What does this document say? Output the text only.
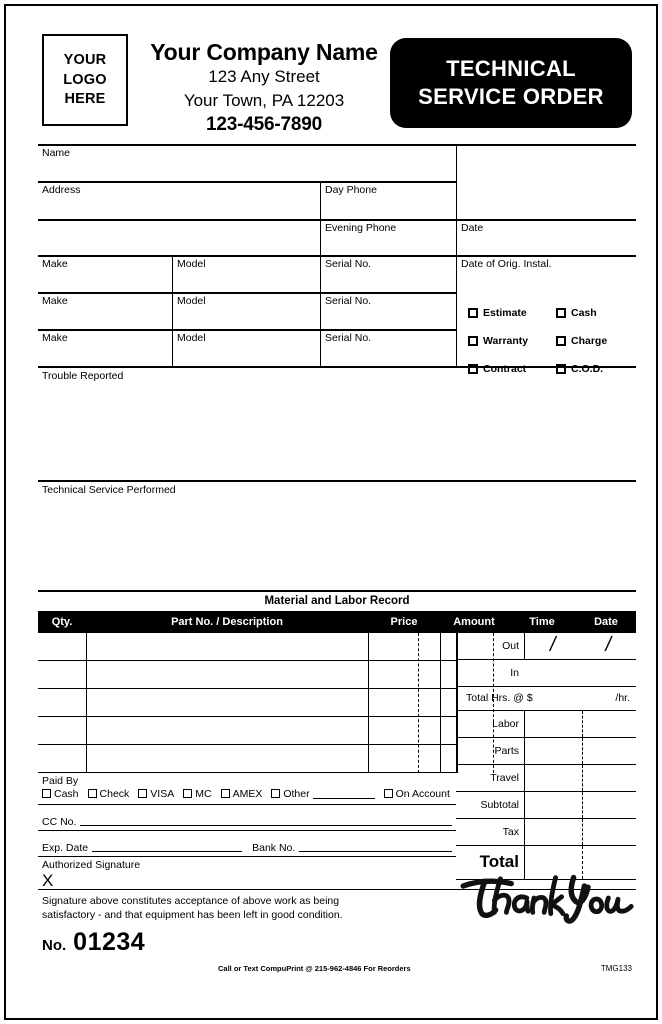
YOUR
LOGO
HERE
Your Company Name
123 Any Street
Your Town, PA 12203
123-456-7890
TECHNICAL
SERVICE ORDER
Name
Address	Day Phone
Evening Phone	Date
Make	Model	Serial No.	Date of Orig. Instal.
Make	Model	Serial No.
Make	Model	Serial No.
Estimate	Cash
Warranty	Charge
Contract	C.O.D.
Trouble Reported
Technical Service Performed
Material and Labor Record
Qty.	Part No. / Description	Price	Amount	Time	Date
Out / /
In
Total Hrs. @ $	/hr.
Labor
Parts
Travel
Subtotal
Tax
Total
Paid By
Cash Check VISA MC AMEX Other	On Account
CC No.
Exp. Date	Bank No.
Authorized Signature
X
Signature above constitutes acceptance of above work as being
satisfactory - and that equipment has been left in good condition.
No. 01234
Call or Text CompuPrint @ 215-962-4846 For Reorders	TMG133
